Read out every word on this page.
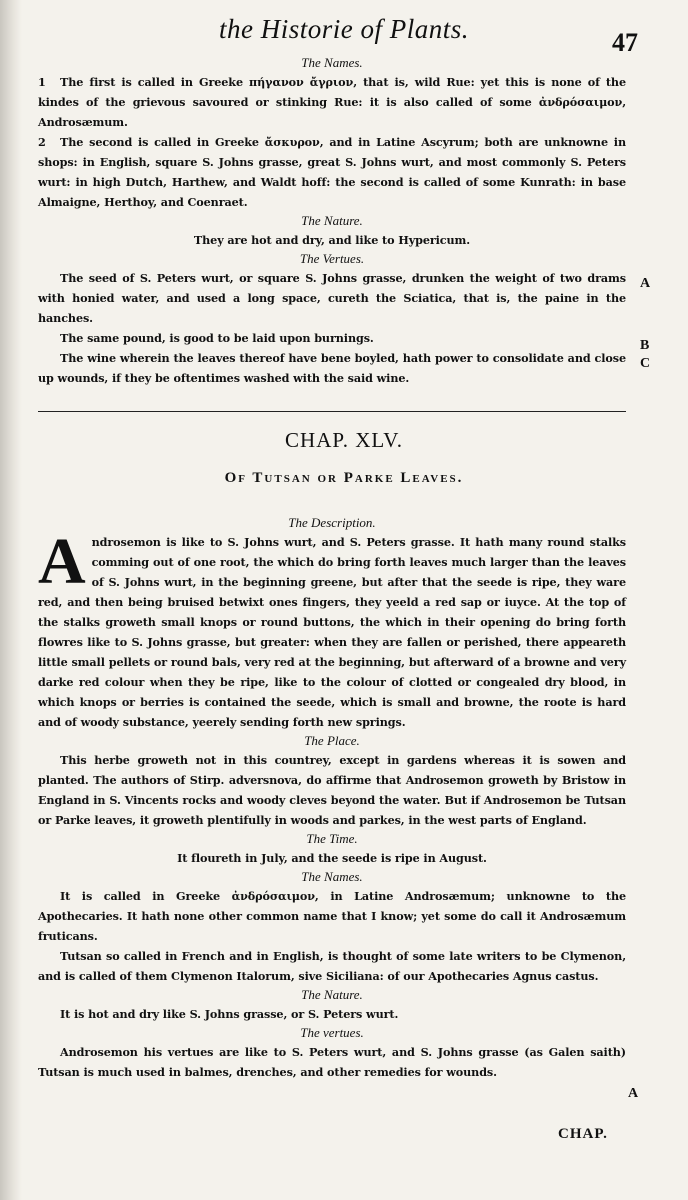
the Historie of Plants.	47

The Names.

1 The first is called in Greeke πήγανον ἄγριον, that is, wild Rue: yet this is none of the kindes of the grievous savoured or stinking Rue: it is also called of some ἀνδρόσαιμον, Androsæmum.

2 The second is called in Greeke ἄσκυρον, and in Latine Ascyrum; both are unknowne in shops: in English, square S. Johns grasse, great S. Johns wurt, and most commonly S. Peters wurt: in high Dutch, Harthew, and Waldt hoff: the second is called of some Kunrath: in base Almaigne, Herthoy, and Coenraet.

The Nature.

They are hot and dry, and like to Hypericum.

The Vertues.

The seed of S. Peters wurt, or square S. Johns grasse, drunken the weight of two drams with honied water, and used a long space, cureth the Sciatica, that is, the paine in the hanches.

The same pound, is good to be laid upon burnings.

The wine wherein the leaves thereof have bene boyled, hath power to consolidate and close up wounds, if they be oftentimes washed with the said wine.

A
B
C
CHAP. XLV.
Of Tutsan or Parke Leaves.

The Description.

Androsemon is like to S. Johns wurt, and S. Peters grasse. It hath many round stalks comming out of one root, the which do bring forth leaves much larger than the leaves of S. Johns wurt, in the beginning greene, but after that the seede is ripe, they ware red, and then being bruised betwixt ones fingers, they yeeld a red sap or iuyce. At the top of the stalks groweth small knops or round buttons, the which in their opening do bring forth flowres like to S. Johns grasse, but greater: when they are fallen or perished, there appeareth little small pellets or round bals, very red at the beginning, but afterward of a browne and very darke red colour when they be ripe, like to the colour of clotted or congealed dry blood, in which knops or berries is contained the seede, which is small and browne, the roote is hard and of woody substance, yeerely sending forth new springs.

The Place.

This herbe groweth not in this countrey, except in gardens whereas it is sowen and planted. The authors of Stirp. adversnova, do affirme that Androsemon groweth by Bristow in England in S. Vincents rocks and woody cleves beyond the water. But if Androsemon be Tutsan or Parke leaves, it groweth plentifully in woods and parkes, in the west parts of England.

The Time.

It floureth in July, and the seede is ripe in August.

The Names.

It is called in Greeke ἀνδρόσαιμον, in Latine Androsæmum; unknowne to the Apothecaries. It hath none other common name that I know; yet some do call it Androsæmum fruticans.

Tutsan so called in French and in English, is thought of some late writers to be Clymenon, and is called of them Clymenon Italorum, sive Siciliana: of our Apothecaries Agnus castus.

The Nature.

It is hot and dry like S. Johns grasse, or S. Peters wurt.

The vertues.

Androsemon his vertues are like to S. Peters wurt, and S. Johns grasse (as Galen saith) Tutsan is much used in balmes, drenches, and other remedies for wounds.

A
CHAP.
